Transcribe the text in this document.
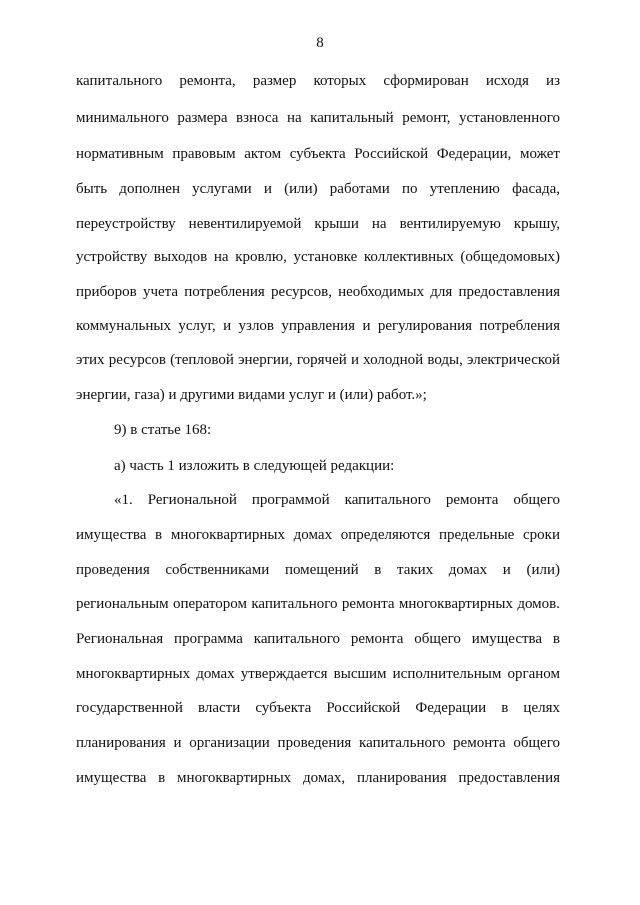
8
капитального ремонта, размер которых сформирован исходя из
минимального размера взноса на капитальный ремонт, установленного
нормативным правовым актом субъекта Российской Федерации, может
быть дополнен услугами и (или) работами по утеплению фасада,
переустройству невентилируемой крыши на вентилируемую крышу,
устройству выходов на кровлю, установке коллективных (общедомовых)
приборов учета потребления ресурсов, необходимых для предоставления
коммунальных услуг, и узлов управления и регулирования потребления
этих ресурсов (тепловой энергии, горячей и холодной воды, электрической
энергии, газа) и другими видами услуг и (или) работ.»;
9) в статье 168:
а) часть 1 изложить в следующей редакции:
«1. Региональной программой капитального ремонта общего
имущества в многоквартирных домах определяются предельные сроки
проведения собственниками помещений в таких домах и (или)
региональным оператором капитального ремонта многоквартирных домов.
Региональная программа капитального ремонта общего имущества в
многоквартирных домах утверждается высшим исполнительным органом
государственной власти субъекта Российской Федерации в целях
планирования и организации проведения капитального ремонта общего
имущества в многоквартирных домах, планирования предоставления
